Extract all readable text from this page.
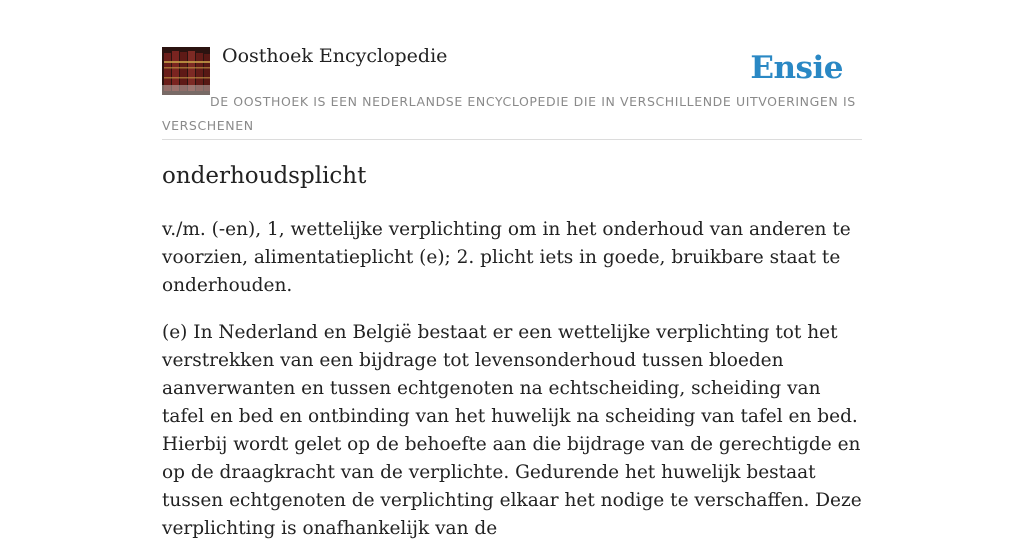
Oosthoek Encyclopedie	Ensie
DE OOSTHOEK IS EEN NEDERLANDSE ENCYCLOPEDIE DIE IN VERSCHILLENDE UITVOERINGEN IS VERSCHENEN
onderhoudsplicht

v./m. (-en), 1, wettelijke verplichting om in het onderhoud van anderen te voorzien, alimentatieplicht (e); 2. plicht iets in goede, bruikbare staat te onderhouden.

(e) In Nederland en België bestaat er een wettelijke verplichting tot het verstrekken van een bijdrage tot levensonderhoud tussen bloeden aanverwanten en tussen echtgenoten na echtscheiding, scheiding van tafel en bed en ontbinding van het huwelijk na scheiding van tafel en bed. Hierbij wordt gelet op de behoefte aan die bijdrage van de gerechtigde en op de draagkracht van de verplichte. Gedurende het huwelijk bestaat tussen echtgenoten de verplichting elkaar het nodige te verschaffen. Deze verplichting is onafhankelijk van de
